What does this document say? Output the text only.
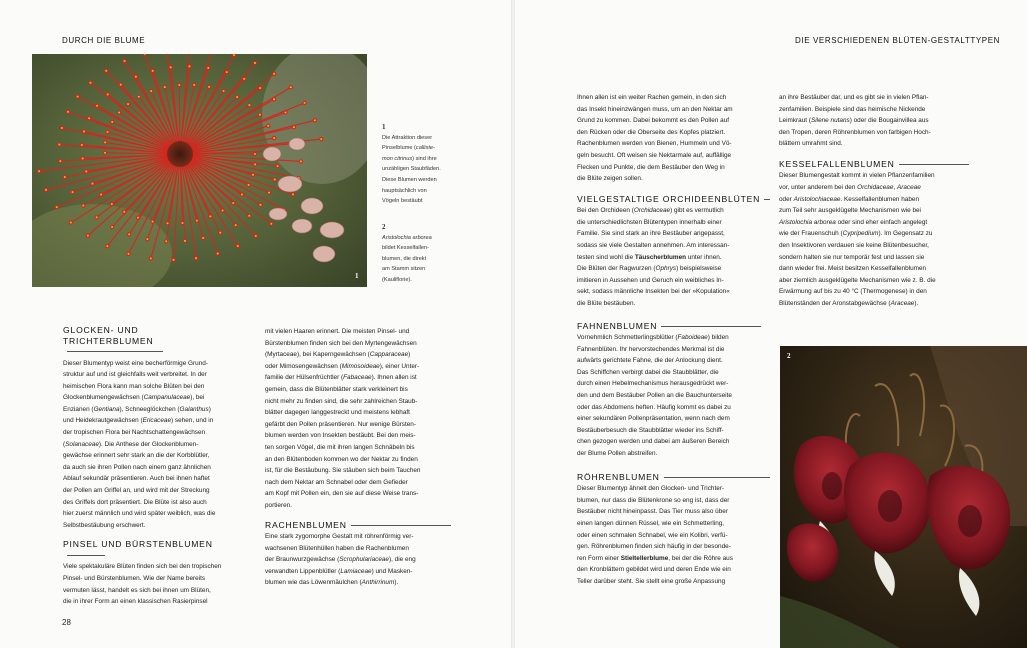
DURCH DIE BLUME
1
1
Die Attraktion dieser
Pinselblume (calliste-
mon citrinus) sind ihre
unzähligen Staubfäden.
Diese Blumen werden
hauptsächlich von
Vögeln bestäubt
2
Aristolochia arborea
bildet Kesselfallen-
blumen, die direkt
am Stamm sitzen
(Kauliflorie).
GLOCKEN- UND
TRICHTERBLUMEN

Dieser Blumentyp weist eine becherförmige Grund-
struktur auf und ist gleichfalls weit verbreitet. In der
heimischen Flora kann man solche Blüten bei den
Glockenblumengewächsen (Campanulaceae), bei
Enzianen (Gentiana), Schneeglöckchen (Galanthus)
und Heidekrautgewächsen (Ericaceae) sehen, und in
der tropischen Flora bei Nachtschattengewächsen
(Solanaceae). Die Anthese der Glockenblumen-
gewächse erinnert sehr stark an die der Korbblütler,
da auch sie ihren Pollen nach einem ganz ähnlichen
Ablauf sekundär präsentieren. Auch bei ihnen haftet
der Pollen am Griffel an, und wird mit der Streckung
des Griffels dort präsentiert. Die Blüte ist also auch
hier zuerst männlich und wird später weiblich, was die
Selbstbestäubung erschwert.

PINSEL UND BÜRSTENBLUMEN

Viele spektakuläre Blüten finden sich bei den tropischen
Pinsel- und Bürstenblumen. Wie der Name bereits
vermuten lässt, handelt es sich bei ihnen um Blüten,
die in ihrer Form an einen klassischen Rasierpinsel

mit vielen Haaren erinnert. Die meisten Pinsel- und
Bürstenblumen finden sich bei den Myrtengewächsen
(Myrtaceae), bei Kaperngewächsen (Capparaceae)
oder Mimosengewächsen (Mimosoideae), einer Unter-
familie der Hülsenfrüchtler (Fabaceae). Ihnen allen ist
gemein, dass die Blütenblätter stark verkleinert bis
nicht mehr zu finden sind, die sehr zahlreichen Staub-
blätter dagegen langgestreckt und meistens lebhaft
gefärbt den Pollen präsentieren. Nur wenige Bürsten-
blumen werden von Insekten bestäubt. Bei den meis-
ten sorgen Vögel, die mit ihren langen Schnäbeln bis
an den Blütenboden kommen wo der Nektar zu finden
ist, für die Bestäubung. Sie stäuben sich beim Tauchen
nach dem Nektar am Schnabel oder dem Gefieder
am Kopf mit Pollen ein, den sie auf diese Weise trans-
portieren.

RACHENBLUMEN

Eine stark zygomorphe Gestalt mit röhrenförmig ver-
wachsenen Blütenhüllen haben die Rachenblumen
der Braunwurzgewächse (Scrophulariaceae), die eng
verwandten Lippenblütler (Lamiaceae) und Masken-
blumen wie das Löwenmäulchen (Anthirrinum).

28
DIE VERSCHIEDENEN BLÜTEN-GESTALTTYPEN

Ihnen allen ist ein weiter Rachen gemein, in den sich
das Insekt hineinzwängen muss, um an den Nektar am
Grund zu kommen. Dabei bekommt es den Pollen auf
den Rücken oder die Oberseite des Kopfes platziert.
Rachenblumen werden von Bienen, Hummeln und Vö-
geln besucht. Oft weisen sie Nektarmale auf, auffällige
Flecken und Punkte, die dem Bestäuber den Weg in
die Blüte zeigen sollen.

VIELGESTALTIGE ORCHIDEENBLÜTEN

Bei den Orchideen (Orchidaceae) gibt es vermutlich
die unterschiedlichsten Blütentypen innerhalb einer
Familie. Sie sind stark an ihre Bestäuber angepasst,
sodass sie viele Gestalten annehmen. Am interessan-
testen sind wohl die Täuscherblumen unter ihnen.
Die Blüten der Ragwurzen (Ophrys) beispielsweise
imitieren in Aussehen und Geruch ein weibliches In-
sekt, sodass männliche Insekten bei der »Kopulation«
die Blüte bestäuben.

FAHNENBLUMEN

Vornehmlich Schmetterlingsblütler (Faboideae) bilden
Fahnenblüten. Ihr hervorstechendes Merkmal ist die
aufwärts gerichtete Fahne, die der Anlockung dient.
Das Schiffchen verbirgt dabei die Staubblätter, die
durch einen Hebelmechanismus herausgedrückt wer-
den und dem Bestäuber Pollen an die Bauchunterseite
oder das Abdomens heften. Häufig kommt es dabei zu
einer sekundären Pollenpräsentation, wenn nach dem
Bestäuberbesuch die Staubblätter wieder ins Schiff-
chen gezogen werden und dabei am äußeren Bereich
der Blume Pollen abstreifen.

RÖHRENBLUMEN

Dieser Blumentyp ähnelt den Glocken- und Trichter-
blumen, nur dass die Blütenkrone so eng ist, dass der
Bestäuber nicht hineinpasst. Das Tier muss also über
einen langen dünnen Rüssel, wie ein Schmetterling,
oder einen schmalen Schnabel, wie ein Kolibri, verfü-
gen. Röhrenblumen finden sich häufig in der besonde-
ren Form einer Stieltellerblume, bei der die Röhre aus
den Kronblättern gebildet wird und deren Ende wie ein
Teller darüber steht. Sie stellt eine große Anpassung

an ihre Bestäuber dar, und es gibt sie in vielen Pflan-
zenfamilien. Beispiele sind das heimische Nickende
Leimkraut (Silene nutans) oder die Bougainvillea aus
den Tropen, deren Röhrenblumen von farbigen Hoch-
blättern umrahmt sind.

KESSELFALLENBLUMEN

Dieser Blumengestalt kommt in vielen Pflanzenfamilien
vor, unter anderem bei den Orchidaceae, Araceae
oder Aristolochiaceae. Kesselfallenblumen haben
zum Teil sehr ausgeklügelte Mechanismen wie bei
Aristolochia arborea oder sind eher einfach angelegt
wie der Frauenschuh (Cypripedium). Im Gegensatz zu
den Insektivoren verdauen sie keine Blütenbesucher,
sondern halten sie nur temporär fest und lassen sie
dann wieder frei. Meist besitzen Kesselfallenblumen
aber ziemlich ausgeklügelte Mechanismen wie z. B. die
Erwärmung auf bis zu 40 °C (Thermogenese) in den
Blütenständen der Aronstabgewächse (Araceae).

2
